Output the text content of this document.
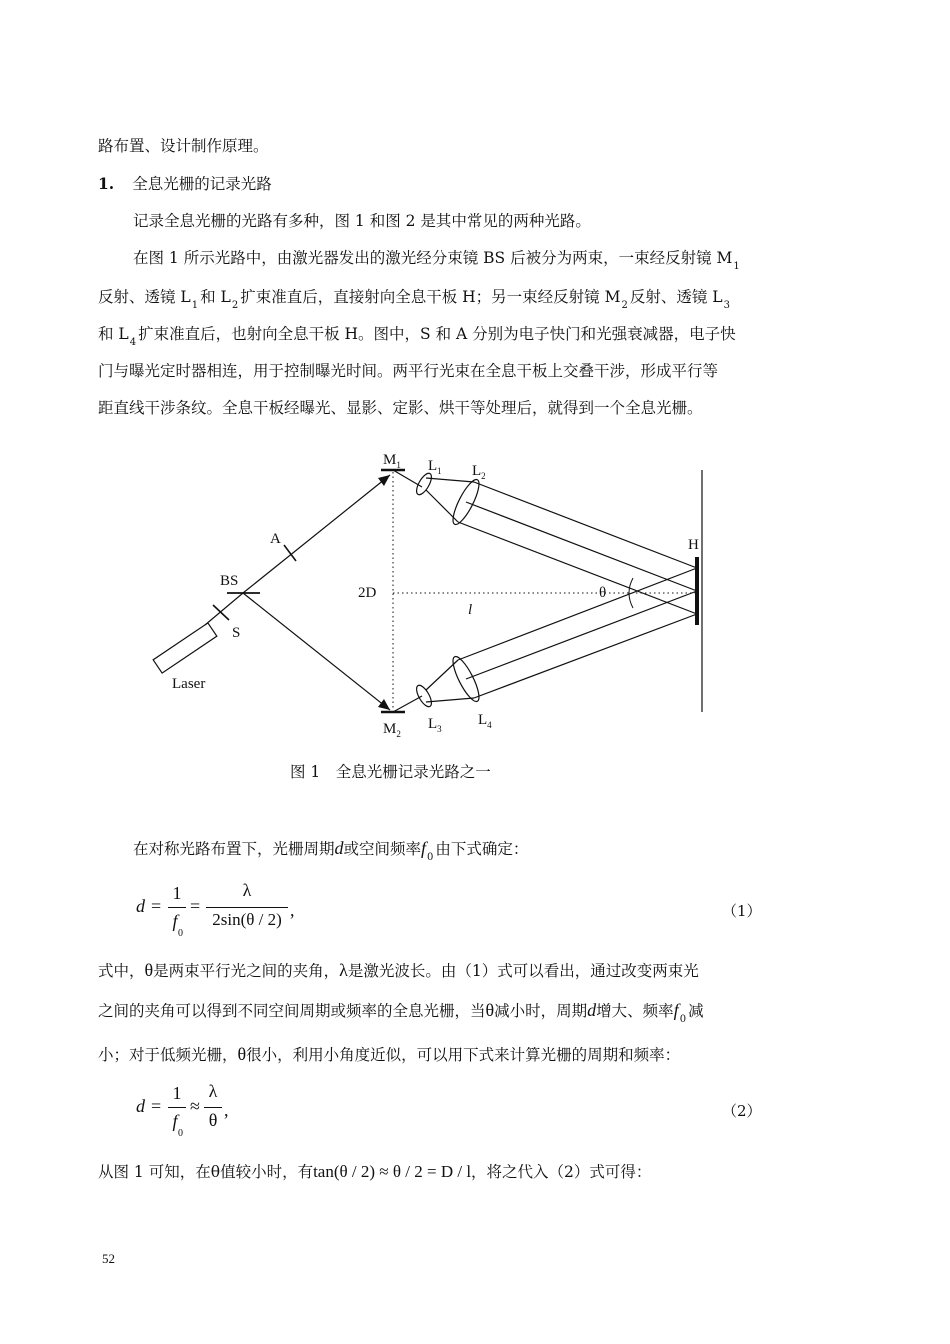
路布置、设计制作原理。
1. 全息光栅的记录光路
记录全息光栅的光路有多种，图 1 和图 2 是其中常见的两种光路。
在图 1 所示光路中，由激光器发出的激光经分束镜 BS 后被分为两束，一束经反射镜 $M_1$
反射、透镜 $L_1$ 和 $L_2$ 扩束准直后，直接射向全息干板 H；另一束经反射镜 $M_2$ 反射、透镜 $L_3$
和 $L_4$ 扩束准直后，也射向全息干板 H。图中，S 和 A 分别为电子快门和光强衰减器，电子快
门与曝光定时器相连，用于控制曝光时间。两平行光束在全息干板上交叠干涉，形成平行等
距直线干涉条纹。全息干板经曝光、显影、定影、烘干等处理后，就得到一个全息光栅。
$M_1$ $L_1$ $L_2$
H
A
BS
S
2D	θ
l
Laser
$L_3$
$L_4$
$M_2$
图 1　全息光栅记录光路之一
在对称光路布置下，光栅周期d或空间频率$f_0$ 由下式确定：
d =
1
f
0
=
λ
2sin(θ / 2) ,	（1）
式中，θ是两束平行光之间的夹角，λ是激光波长。由（1）式可以看出，通过改变两束光
之间的夹角可以得到不同空间周期或频率的全息光栅，当θ减小时，周期d增大、频率$f_0$ 减
小；对于低频光栅，θ很小，利用小角度近似，可以用下式来计算光栅的周期和频率：
d =
1
f
0
≈
λ
θ ,	（2）
从图 1 可知，在θ值较小时，有tan(θ / 2) ≈ θ / 2 = D / l，将之代入（2）式可得：
52
